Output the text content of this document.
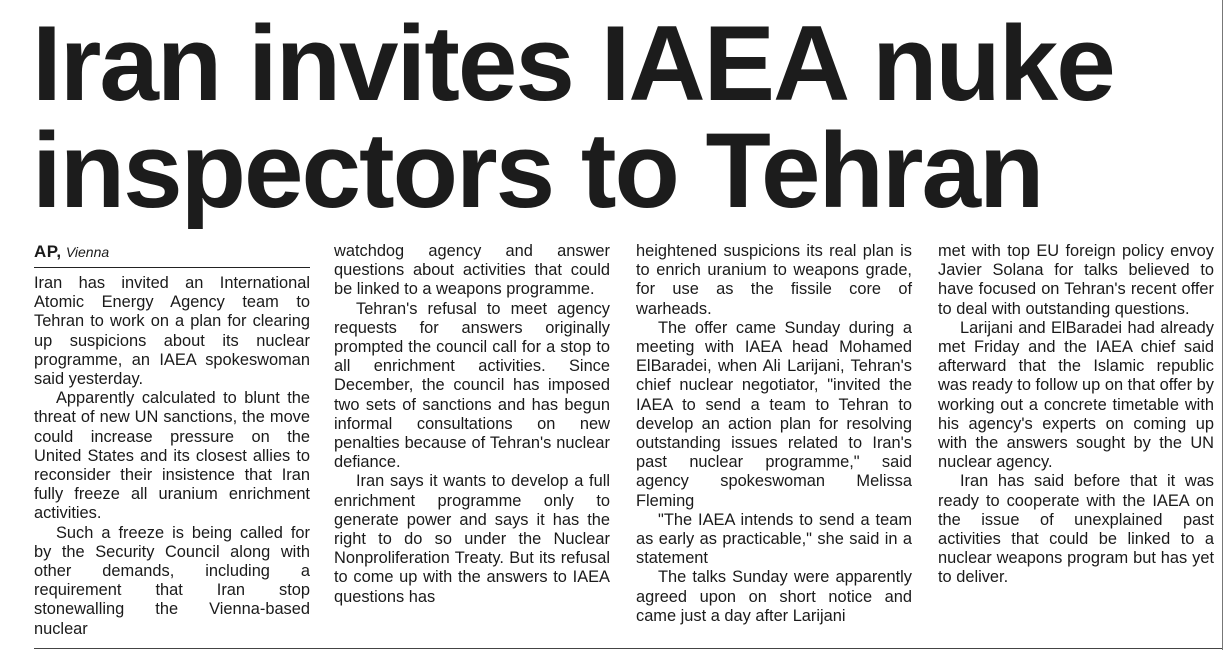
Iran invites IAEA nuke
inspectors to Tehran
AP, Vienna

Iran has invited an International Atomic Energy Agency team to Tehran to work on a plan for clearing up suspicions about its nuclear programme, an IAEA spokeswoman said yesterday.

Apparently calculated to blunt the threat of new UN sanctions, the move could increase pressure on the United States and its closest allies to reconsider their insistence that Iran fully freeze all uranium enrichment activities.

Such a freeze is being called for by the Security Council along with other demands, including a requirement that Iran stop stonewalling the Vienna-based nuclear

watchdog agency and answer questions about activities that could be linked to a weapons programme.

Tehran's refusal to meet agency requests for answers originally prompted the council call for a stop to all enrichment activities. Since December, the council has imposed two sets of sanctions and has begun informal consultations on new penalties because of Tehran's nuclear defiance.

Iran says it wants to develop a full enrichment programme only to generate power and says it has the right to do so under the Nuclear Nonproliferation Treaty. But its refusal to come up with the answers to IAEA questions has

heightened suspicions its real plan is to enrich uranium to weapons grade, for use as the fissile core of warheads.

The offer came Sunday during a meeting with IAEA head Mohamed ElBaradei, when Ali Larijani, Tehran's chief nuclear negotiator, "invited the IAEA to send a team to Tehran to develop an action plan for resolving outstanding issues related to Iran's past nuclear programme," said agency spokeswoman Melissa Fleming

"The IAEA intends to send a team as early as practicable," she said in a statement

The talks Sunday were apparently agreed upon on short notice and came just a day after Larijani

met with top EU foreign policy envoy Javier Solana for talks believed to have focused on Tehran's recent offer to deal with outstanding questions.

Larijani and ElBaradei had already met Friday and the IAEA chief said afterward that the Islamic republic was ready to follow up on that offer by working out a concrete timetable with his agency's experts on coming up with the answers sought by the UN nuclear agency.

Iran has said before that it was ready to cooperate with the IAEA on the issue of unexplained past activities that could be linked to a nuclear weapons program but has yet to deliver.
